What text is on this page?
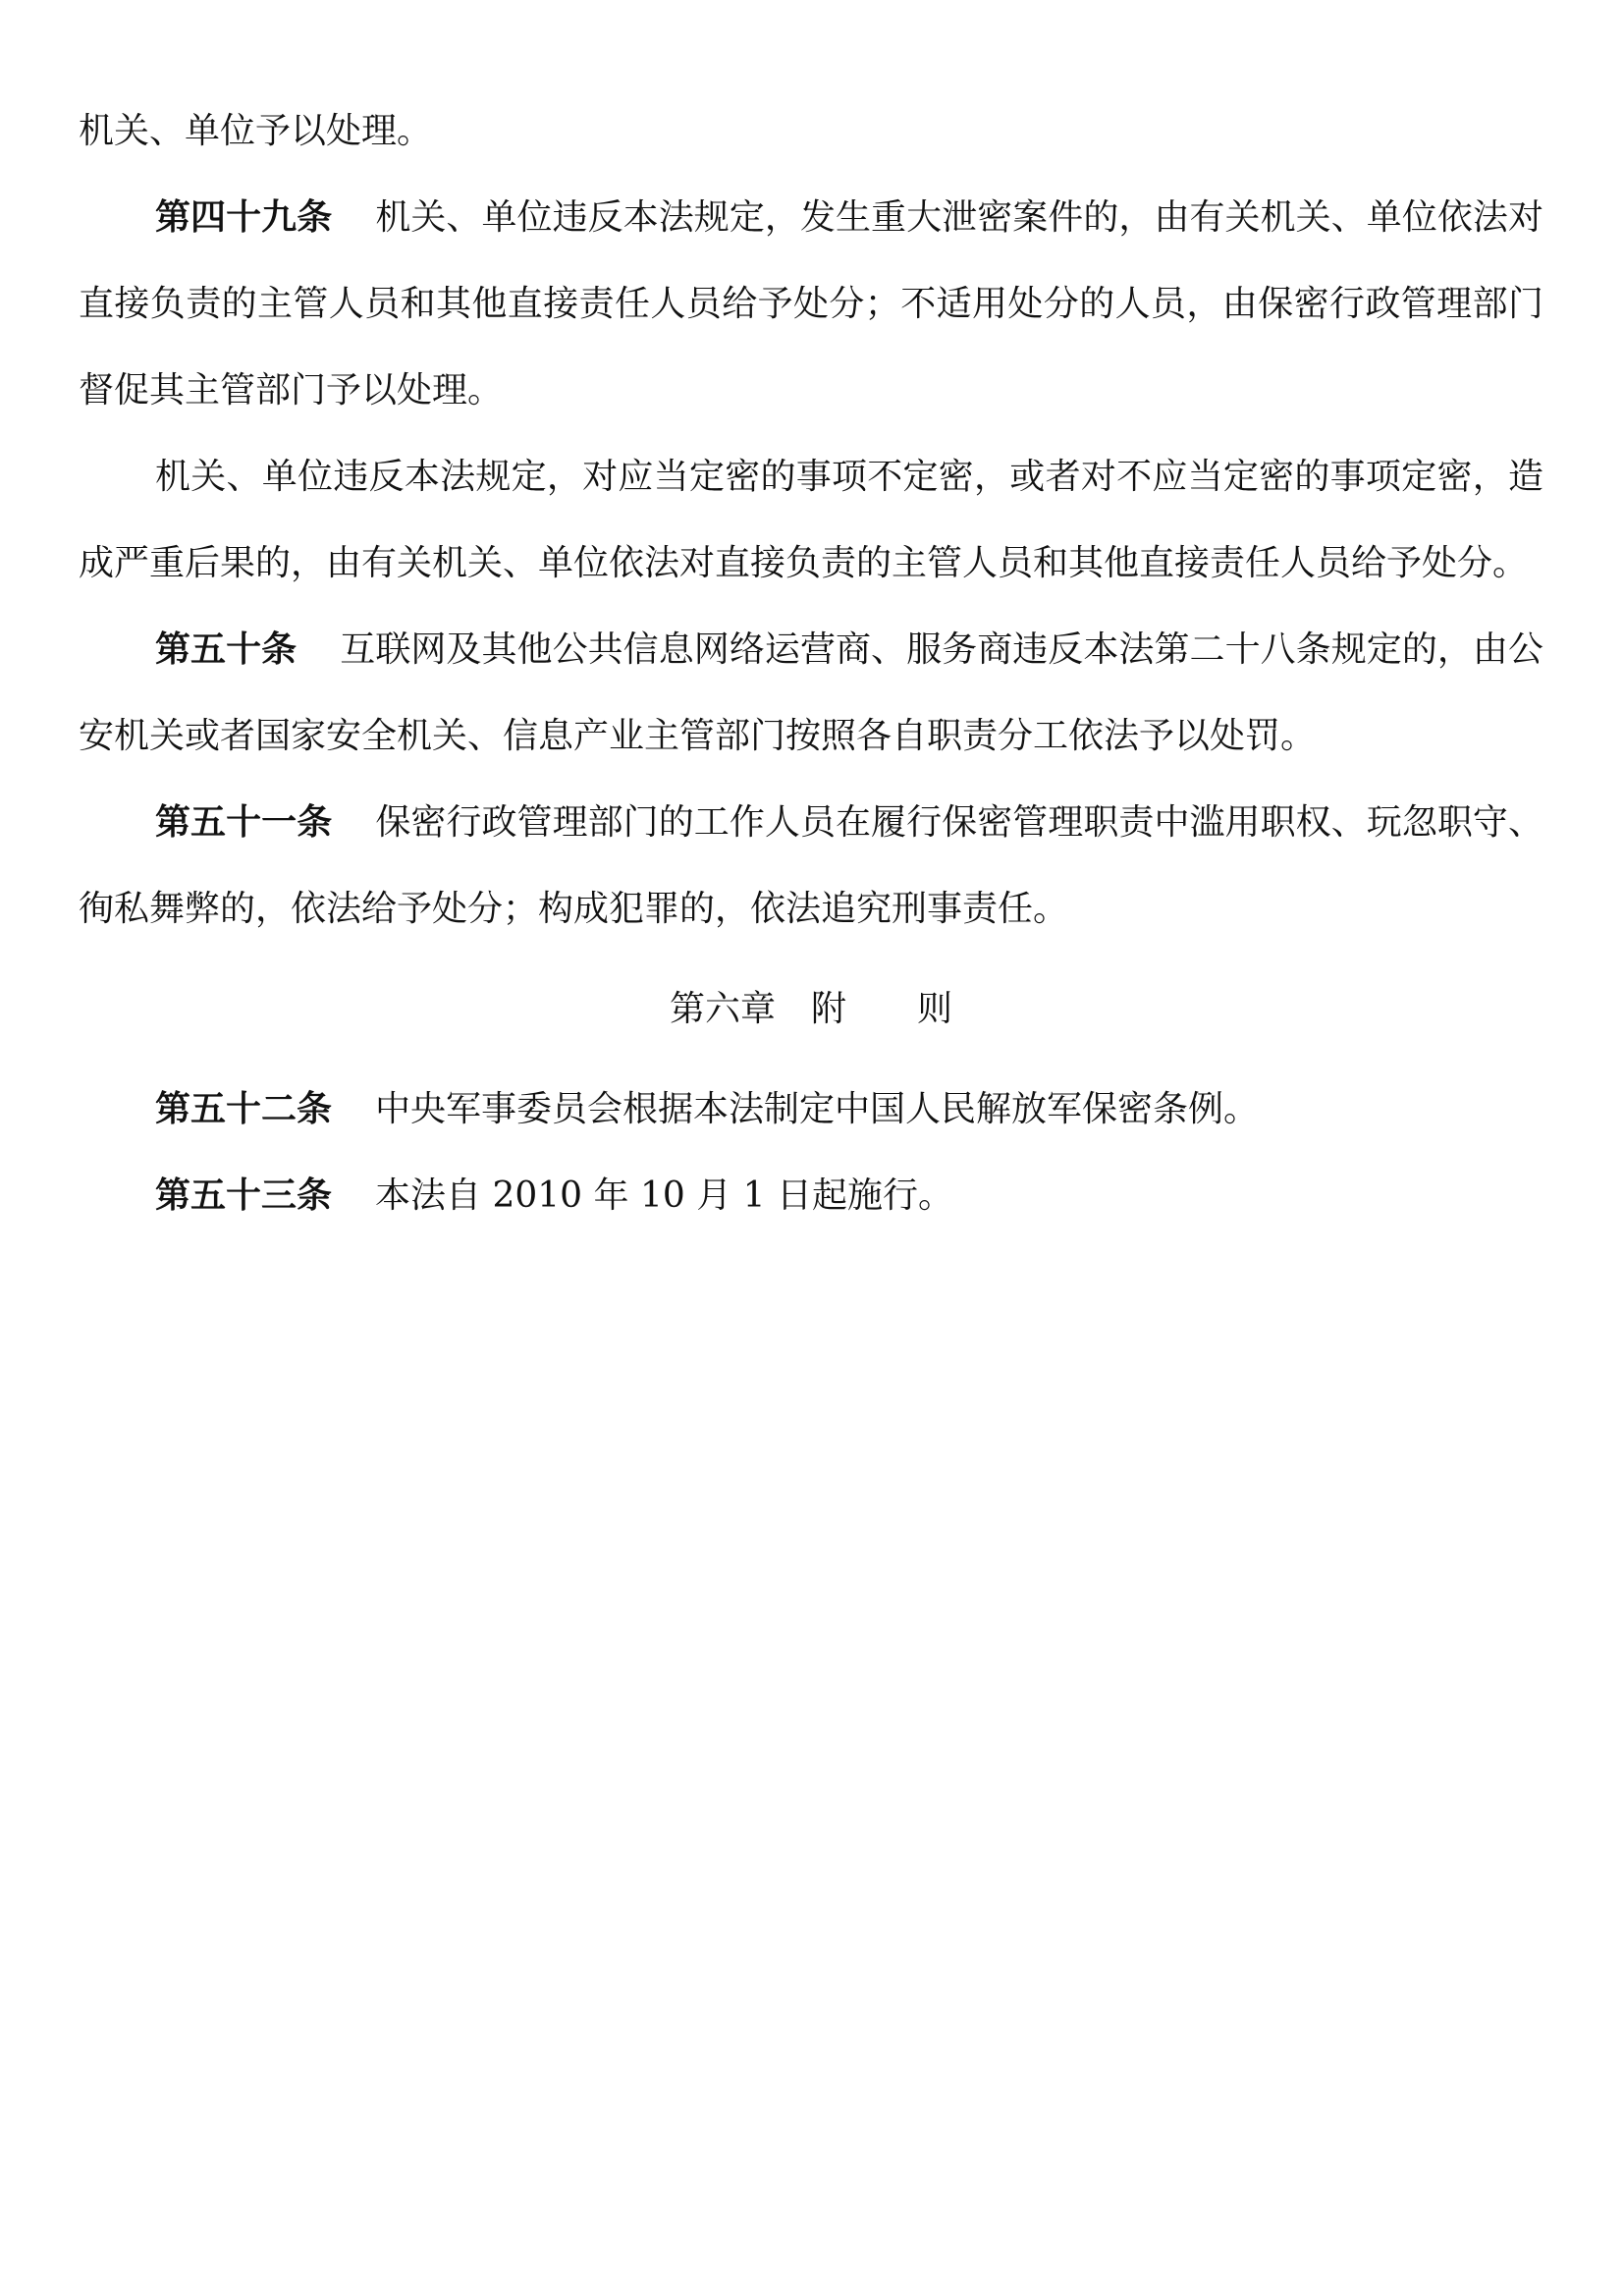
机关、单位予以处理。

第四十九条 机关、单位违反本法规定，发生重大泄密案件的，由有关机关、单位依法对直接负责的主管人员和其他直接责任人员给予处分；不适用处分的人员，由保密行政管理部门督促其主管部门予以处理。

机关、单位违反本法规定，对应当定密的事项不定密，或者对不应当定密的事项定密，造成严重后果的，由有关机关、单位依法对直接负责的主管人员和其他直接责任人员给予处分。

第五十条 互联网及其他公共信息网络运营商、服务商违反本法第二十八条规定的，由公安机关或者国家安全机关、信息产业主管部门按照各自职责分工依法予以处罚。

第五十一条 保密行政管理部门的工作人员在履行保密管理职责中滥用职权、玩忽职守、徇私舞弊的，依法给予处分；构成犯罪的，依法追究刑事责任。

第六章　附　　则

第五十二条 中央军事委员会根据本法制定中国人民解放军保密条例。

第五十三条 本法自 2010 年 10 月 1 日起施行。
